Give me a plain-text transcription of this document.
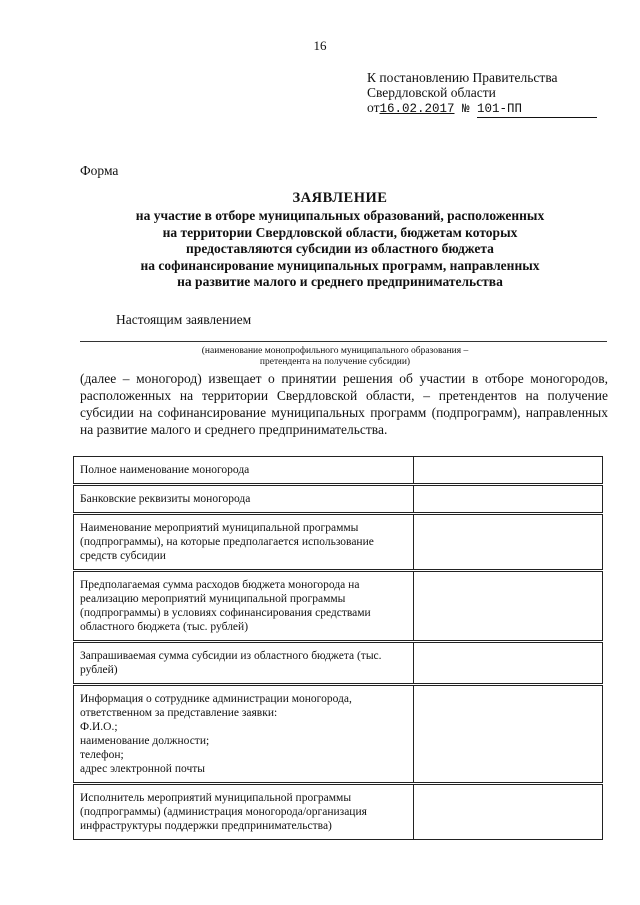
16
К постановлению Правительства
Свердловской области
от16.02.2017 № 101-ПП
Форма
ЗАЯВЛЕНИЕ
на участие в отборе муниципальных образований, расположенных
на территории Свердловской области, бюджетам которых
предоставляются субсидии из областного бюджета
на софинансирование муниципальных программ, направленных
на развитие малого и среднего предпринимательства
Настоящим заявлением
(наименование монопрофильного муниципального образования –
претендента на получение субсидии)
(далее – моногород) извещает о принятии решения об участии в отборе моногородов, расположенных на территории Свердловской области, – претендентов на получение субсидии на софинансирование муниципальных программ (подпрограмм), направленных на развитие малого и среднего предпринимательства.
Полное наименование моногорода	
Банковские реквизиты моногорода	
Наименование мероприятий муниципальной программы (подпрограммы), на которые предполагается использование средств субсидии	
Предполагаемая сумма расходов бюджета моногорода на реализацию мероприятий муниципальной программы (подпрограммы) в условиях софинансирования средствами областного бюджета (тыс. рублей)	
Запрашиваемая сумма субсидии из областного бюджета (тыс. рублей)	

Информация о сотруднике администрации моногорода, ответственном за представление заявки:
Ф.И.О.;
наименование должности;
телефон;
адрес электронной почты	

Исполнитель мероприятий муниципальной программы (подпрограммы) (администрация моногорода/организация инфраструктуры поддержки предпринимательства)	
